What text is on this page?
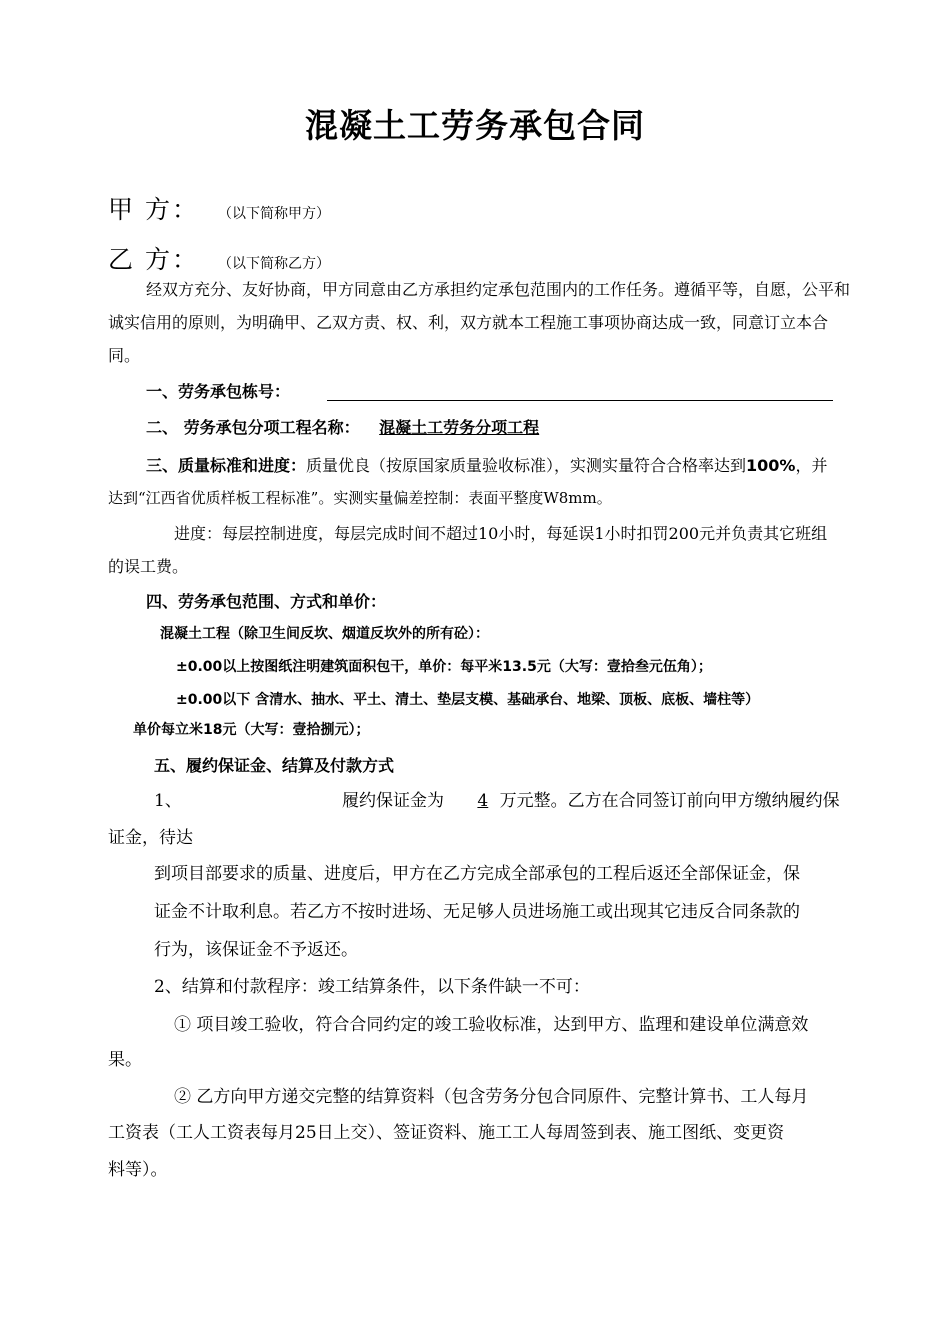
混凝土工劳务承包合同
甲 方： （以下简称甲方）
乙 方： （以下简称乙方）
经双方充分、友好协商，甲方同意由乙方承担约定承包范围内的工作任务。遵循平等，自愿，公平和
诚实信用的原则，为明确甲、乙双方责、权、利，双方就本工程施工事项协商达成一致，同意订立本合
同。
一、劳务承包栋号：
二、 劳务承包分项工程名称： 混凝土工劳务分项工程
三、质量标准和进度：质量优良（按原国家质量验收标准），实测实量符合合格率达到100%，并
达到“江西省优质样板工程标准”。实测实量偏差控制：表面平整度W8mm。
进度：每层控制进度，每层完成时间不超过10小时，每延误1小时扣罚200元并负责其它班组
的误工费。
四、劳务承包范围、方式和单价：
混凝土工程（除卫生间反坎、烟道反坎外的所有砼）：
±0.00以上按图纸注明建筑面积包干，单价：每平米13.5元（大写：壹拾叁元伍角）；
±0.00以下 含清水、抽水、平土、清土、垫层支模、基础承台、地梁、顶板、底板、墙柱等）
单价每立米18元（大写：壹拾捌元）；
五、履约保证金、结算及付款方式
1、	履约保证金为 4 万元整。乙方在合同签订前向甲方缴纳履约保
证金，待达
到项目部要求的质量、进度后，甲方在乙方完成全部承包的工程后返还全部保证金，保
证金不计取利息。若乙方不按时进场、无足够人员进场施工或出现其它违反合同条款的
行为，该保证金不予返还。
2、结算和付款程序：竣工结算条件，以下条件缺一不可：
① 项目竣工验收，符合合同约定的竣工验收标准，达到甲方、监理和建设单位满意效
果。
② 乙方向甲方递交完整的结算资料（包含劳务分包合同原件、完整计算书、工人每月
工资表（工人工资表每月25日上交）、签证资料、施工工人每周签到表、施工图纸、变更资
料等）。
